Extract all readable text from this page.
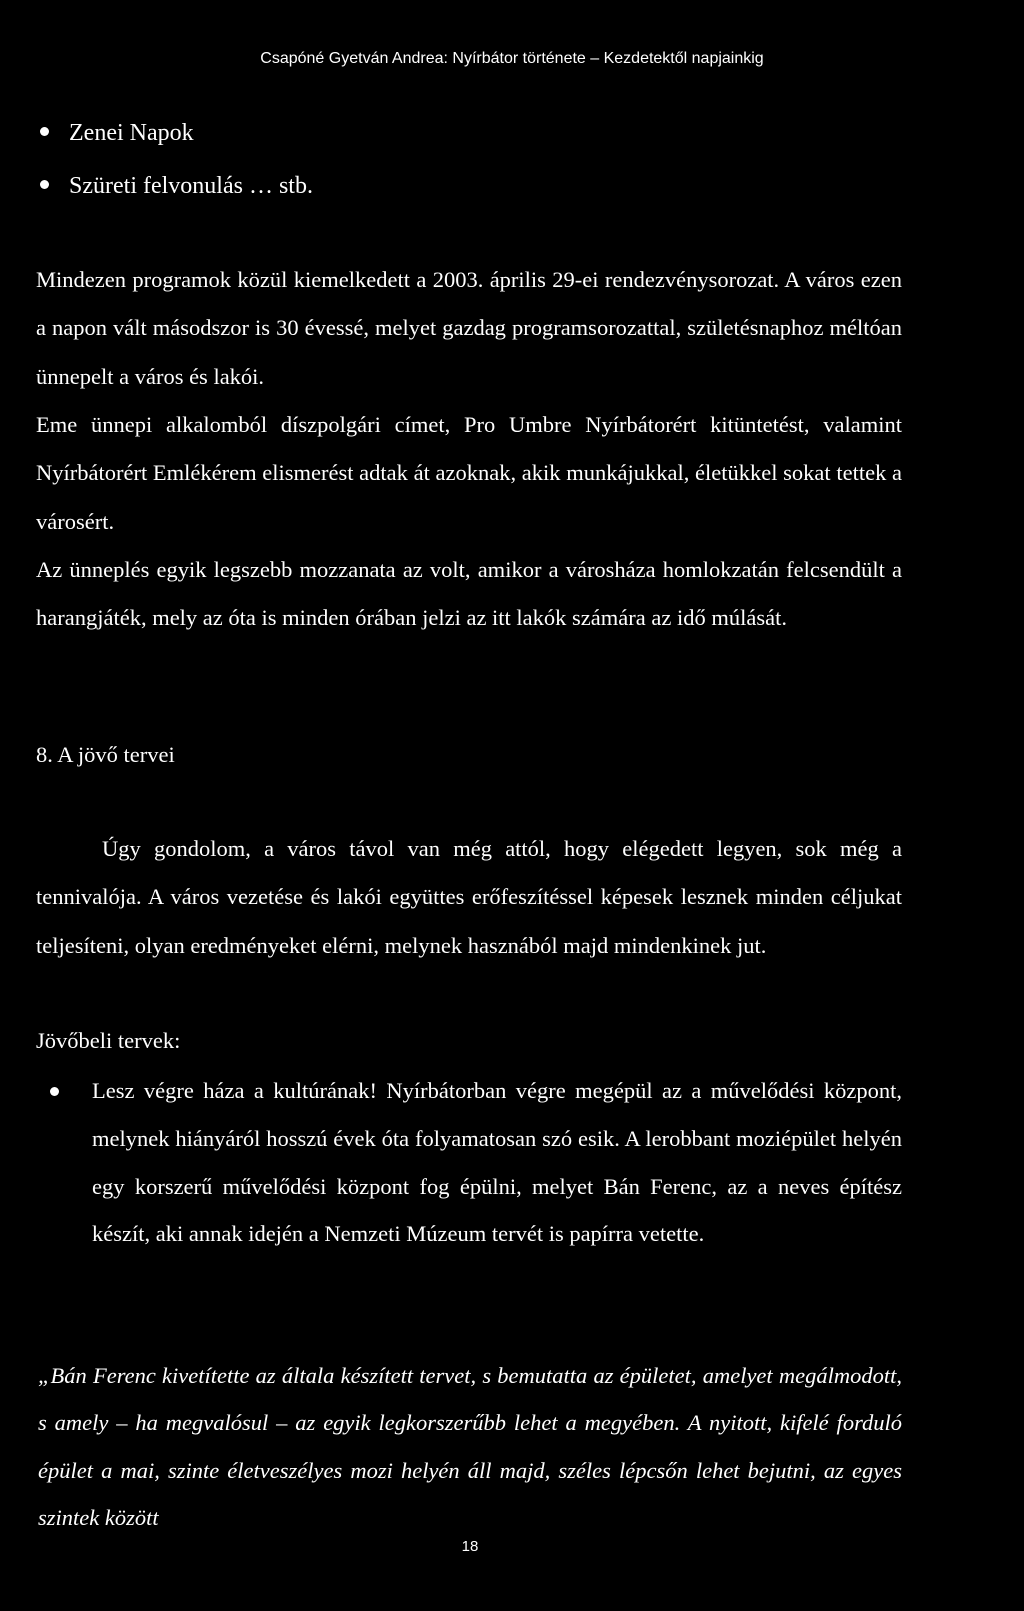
Csapóné Gyetván Andrea: Nyírbátor története – Kezdetektől napjainkig
Zenei Napok
Szüreti felvonulás … stb.
Mindezen programok közül kiemelkedett a 2003. április 29-ei rendezvénysorozat. A város ezen a napon vált másodszor is 30 évessé, melyet gazdag programsorozattal, születésnaphoz méltóan ünnepelt a város és lakói.
Eme ünnepi alkalomból díszpolgári címet, Pro Umbre Nyírbátorért kitüntetést, valamint Nyírbátorért Emlékérem elismerést adtak át azoknak, akik munkájukkal, életükkel sokat tettek a városért.
Az ünneplés egyik legszebb mozzanata az volt, amikor a városháza homlokzatán felcsendült a harangjáték, mely az óta is minden órában jelzi az itt lakók számára az idő múlását.
8. A jövő tervei
Úgy gondolom, a város távol van még attól, hogy elégedett legyen, sok még a tennivalója. A város vezetése és lakói együttes erőfeszítéssel képesek lesznek minden céljukat teljesíteni, olyan eredményeket elérni, melynek hasznából majd mindenkinek jut.
Jövőbeli tervek:
Lesz végre háza a kultúrának! Nyírbátorban végre megépül az a művelődési központ, melynek hiányáról hosszú évek óta folyamatosan szó esik. A lerobbant moziépület helyén egy korszerű művelődési központ fog épülni, melyet Bán Ferenc, az a neves építész készít, aki annak idején a Nemzeti Múzeum tervét is papírra vetette.
„Bán Ferenc kivetítette az általa készített tervet, s bemutatta az épületet, amelyet megálmodott, s amely – ha megvalósul – az egyik legkorszerűbb lehet a megyében. A nyitott, kifelé forduló épület a mai, szinte életveszélyes mozi helyén áll majd, széles lépcsőn lehet bejutni, az egyes szintek között
18
